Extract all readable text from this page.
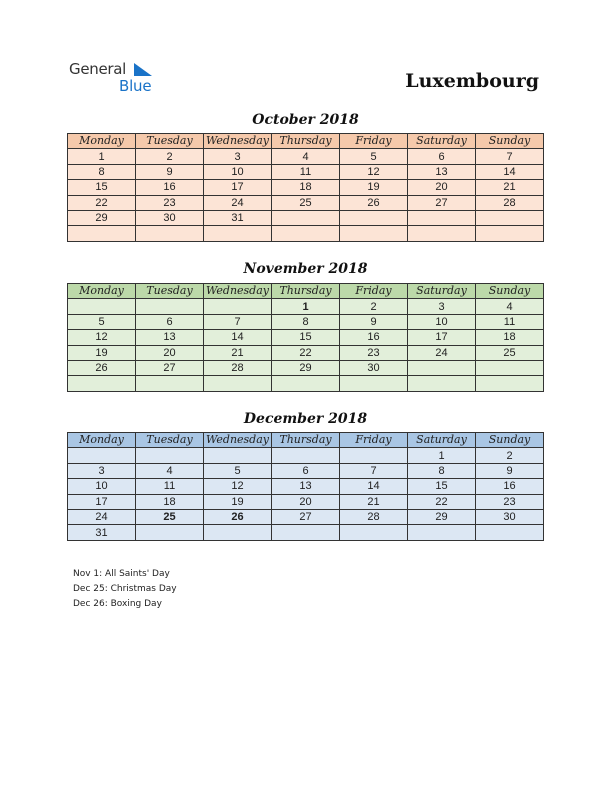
General
Blue	Luxembourg
October 2018
Monday	Tuesday	Wednesday	Thursday	Friday	Saturday	Sunday
1	2	3	4	5	6	7
8	9	10	11	12	13	14
15	16	17	18	19	20	21
22	23	24	25	26	27	28
29	30	31				

November 2018
Monday	Tuesday	Wednesday	Thursday	Friday	Saturday	Sunday
			1	2	3	4
5	6	7	8	9	10	11
12	13	14	15	16	17	18
19	20	21	22	23	24	25
26	27	28	29	30		

December 2018
Monday	Tuesday	Wednesday	Thursday	Friday	Saturday	Sunday
					1	2
3	4	5	6	7	8	9
10	11	12	13	14	15	16
17	18	19	20	21	22	23
24	25	26	27	28	29	30
31						
Nov 1: All Saints' Day
Dec 25: Christmas Day
Dec 26: Boxing Day
